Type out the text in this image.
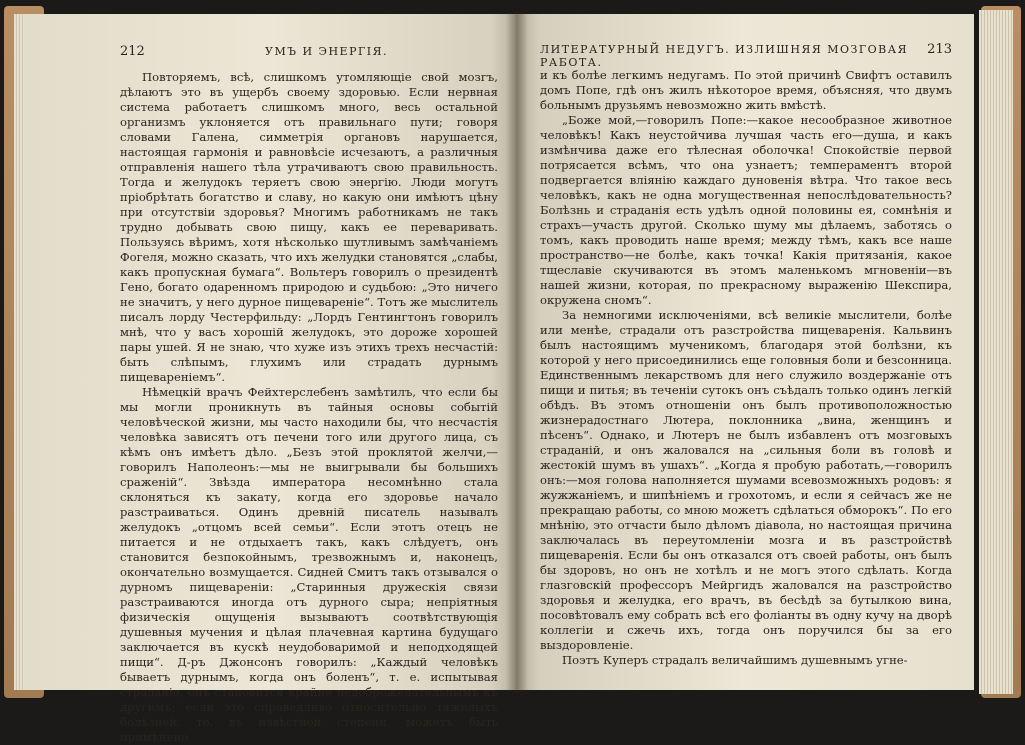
212	УМЪ И ЭНЕРГІЯ.

Повторяемъ, всѣ, слишкомъ утомляющіе свой мозгъ, дѣлаютъ это въ ущербъ своему здоровью. Если нервная система работаетъ слишкомъ много, весь остальной организмъ уклоняется отъ правильнаго пути; говоря словами Галена, симметрія органовъ нарушается, настоящая гармонія и равновѣсіе исчезаютъ, а различныя отправленія нашего тѣла утрачиваютъ свою правильность. Тогда и желудокъ теряетъ свою энергію. Люди могутъ пріобрѣтать богатство и славу, но какую они имѣютъ цѣну при отсутствіи здоровья? Многимъ работникамъ не такъ трудно добывать свою пищу, какъ ее переваривать. Пользуясь вѣримъ, хотя нѣсколько шутливымъ замѣчаніемъ Фогеля, можно сказать, что ихъ желудки становятся „слабы, какъ пропускная бумага“. Вольтеръ говорилъ о президентѣ Гено, богато одаренномъ природою и судьбою: „Это ничего не значитъ, у него дурное пищевареніе“. Тотъ же мыслитель писалъ лорду Честерфильду: „Лордъ Гентингтонъ говорилъ мнѣ, что у васъ хорошій желудокъ, это дороже хорошей пары ушей. Я не знаю, что хуже изъ этихъ трехъ несчастій: быть слѣпымъ, глухимъ или страдать дурнымъ пищевареніемъ“.

Нѣмецкій врачъ Фейхтерслебенъ замѣтилъ, что если бы мы могли проникнуть въ тайныя основы событій человѣческой жизни, мы часто находили бы, что несчастія человѣка зависятъ отъ печени того или другого лица, съ кѣмъ онъ имѣетъ дѣло. „Безъ этой проклятой желчи,—говорилъ Наполеонъ:—мы не выигрывали бы большихъ сраженій“. Звѣзда императора несомнѣнно стала склоняться къ закату, когда его здоровье начало разстраиваться. Одинъ древній писатель называлъ желудокъ „отцомъ всей семьи“. Если этотъ отецъ не питается и не отдыхаетъ такъ, какъ слѣдуетъ, онъ становится безпокойнымъ, трезвожнымъ и, наконецъ, окончательно возмущается. Сидней Смитъ такъ отзывался о дурномъ пищевареніи: „Старинныя дружескія связи разстраиваются иногда отъ дурного сыра; непріятныя физическія ощущенія вызываютъ соотвѣтствующія душевныя мучения и цѣлая плачевная картина будущаго заключается въ кускѣ неудобоваримой и неподходящей пищи“. Д-ръ Джонсонъ говорилъ: „Каждый человѣкъ бываетъ дурнымъ, когда онъ боленъ“, т. е. испытывая страданіе, онъ становится крайне недоброжелательнымъ къ другимъ; если это справедливо относительно тяжелыхъ болѣзней, то, въ извѣстной степени, можетъ быть примѣнено

ЛИТЕРАТУРНЫЙ НЕДУГЪ. ИЗЛИШНЯЯ МОЗГОВАЯ РАБОТА.
213

и къ болѣе легкимъ недугамъ. По этой причинѣ Свифтъ оставилъ домъ Попе, гдѣ онъ жилъ нѣкоторое время, объясняя, что двумъ больнымъ друзьямъ невозможно жить вмѣстѣ.

„Боже мой,—говорилъ Попе:—какое несообразное животное человѣкъ! Какъ неустойчива лучшая часть его—душа, и какъ измѣнчива даже его тѣлесная оболочка! Спокойствіе первой потрясается всѣмъ, что она узнаетъ; темпераментъ второй подвергается вліянію каждаго дуновенія вѣтра. Что такое весь человѣкъ, какъ не одна могущественная непослѣдовательность? Болѣзнь и страданія есть удѣлъ одной половины ея, сомнѣнія и страхъ—участь другой. Сколько шуму мы дѣлаемъ, заботясь о томъ, какъ проводить наше время; между тѣмъ, какъ все наше пространство—не болѣе, какъ точка! Какія притязанія, какое тщеславіе скучиваются въ этомъ маленькомъ мгновеніи—въ нашей жизни, которая, по прекрасному выраженію Шекспира, окружена сномъ“.

За немногими исключеніями, всѣ великіе мыслители, болѣе или менѣе, страдали отъ разстройства пищеваренія. Кальвинъ былъ настоящимъ мученикомъ, благодаря этой болѣзни, къ которой у него присоединились еще головныя боли и безсонница. Единственнымъ лекарствомъ для него служило воздержаніе отъ пищи и питья; въ теченіи сутокъ онъ съѣдалъ только одинъ легкій обѣдъ. Въ этомъ отношеніи онъ былъ противоположностью жизнерадостнаго Лютера, поклонника „вина, женщинъ и пѣсенъ“. Однако, и Лютеръ не былъ избавленъ отъ мозговыхъ страданій, и онъ жаловался на „сильныя боли въ головѣ и жестокій шумъ въ ушахъ“. „Когда я пробую работать,—говорилъ онъ:—моя голова наполняется шумами всевозможныхъ родовъ: я жужжаніемъ, и шипѣніемъ и грохотомъ, и если я сейчасъ же не прекращаю работы, со мною можетъ сдѣлаться обморокъ“. По его мнѣнію, это отчасти было дѣломъ діавола, но настоящая причина заключалась въ переутомленіи мозга и въ разстройствѣ пищеваренія. Если бы онъ отказался отъ своей работы, онъ былъ бы здоровъ, но онъ не хотѣлъ и не могъ этого сдѣлать. Когда глазговскій профессоръ Мейргидъ жаловался на разстройство здоровья и желудка, его врачъ, въ бесѣдѣ за бутылкою вина, посовѣтовалъ ему собрать всѣ его фоліанты въ одну кучу на дворѣ коллегіи и сжечь ихъ, тогда онъ поручился бы за его выздоровленіе.

Поэтъ Куперъ страдалъ величайшимъ душевнымъ угне-
